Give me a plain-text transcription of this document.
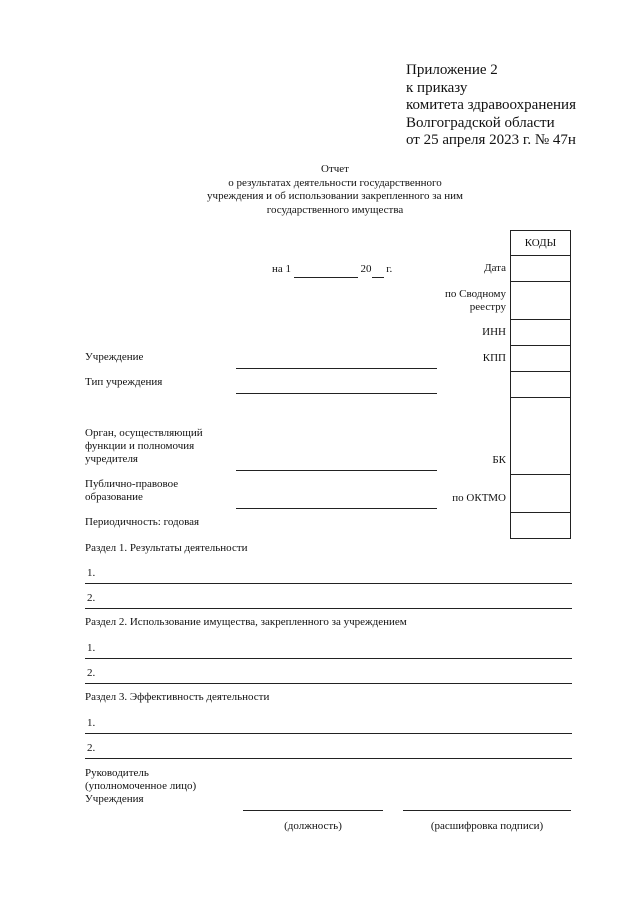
Приложение 2
к приказу
комитета здравоохранения
Волгоградской области
от 25 апреля 2023 г. № 47н
Отчет
о результатах деятельности государственного
учреждения и об использовании закрепленного за ним
государственного имущества
КОДЫ
Дата
по Сводному реестру
ИНН
КПП
БК
по ОКТМО
на 1	20 г.
Учреждение
Тип учреждения
Орган, осуществляющий
функции и полномочия
учредителя
Публично-правовое
образование
Периодичность: годовая
Раздел 1. Результаты деятельности
1.
2.
Раздел 2. Использование имущества, закрепленного за учреждением
1.
2.
Раздел 3. Эффективность деятельности
1.
2.
Руководитель
(уполномоченное лицо)
Учреждения
(должность)	(расшифровка подписи)
